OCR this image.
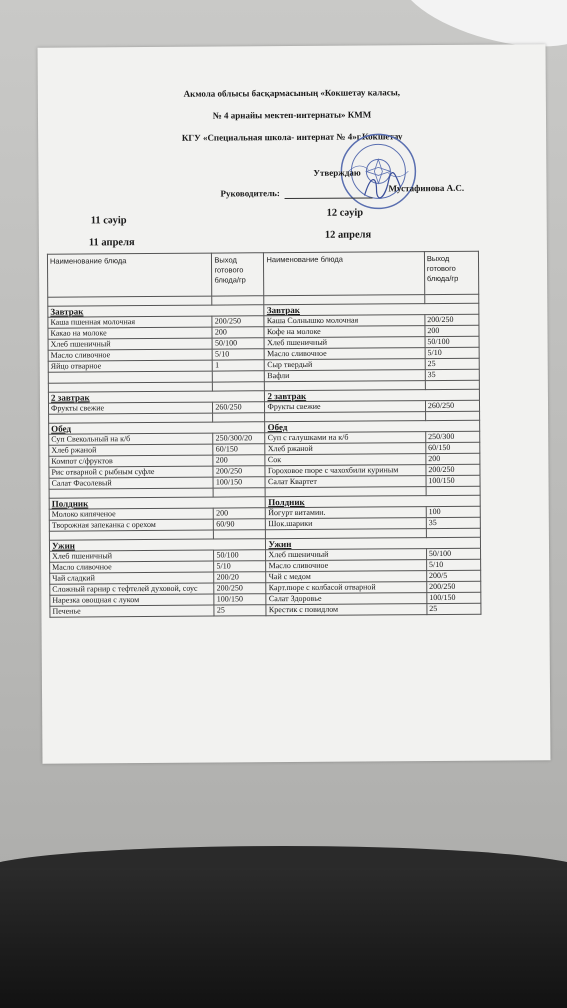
Акмола облысы басқармасының «Кокшетау каласы,
№ 4 арнайы мектеп-интернаты» КММ
КГУ «Специальная школа- интернат № 4»г.Кокшетау
Утверждаю
Руководитель:	Мустафинова А.С.
11 сәуір
12 сәуір
11 апреля
12 апреля
Наименование блюда	Выход готового блюда/гр	Наименование блюда	Выход готового блюда/гр

Завтрак		Завтрак	
Каша пшенная молочная	200/250	Каша Солнышко молочная	200/250
Какао на молоке	200	Кофе на молоке	200
Хлеб пшеничный	50/100	Хлеб пшеничный	50/100
Масло сливочное	5/10	Масло сливочное	5/10
Яйцо отварное	1	Сыр твердый	25
		Вафли	35

2 завтрак		2 завтрак	
Фрукты свежие	260/250	Фрукты свежие	260/250

Обед		Обед	
Суп Свекольный на к/б	250/300/20	Суп с галушками на к/б	250/300
Хлеб ржаной	60/150	Хлеб ржаной	60/150
Компот с/фруктов	200	Сок	200
Рис отварной с рыбным суфле	200/250	Гороховое пюре с чахохбили куриным	200/250
Салат Фасолевый	100/150	Салат Квартет	100/150

Полдник		Полдник	
Молоко кипяченое	200	Йогурт витамин.	100
Творожная запеканка с орехом	60/90	Шок.шарики	35

Ужин		Ужин	
Хлеб пшеничный	50/100	Хлеб пшеничный	50/100
Масло сливочное	5/10	Масло сливочное	5/10
Чай сладкий	200/20	Чай с медом	200/5
Сложный гарнир с тефтелей духовой, соус	200/250	Карт.пюре с колбасой отварной	200/250
Нарезка овощная с луком	100/150	Салат Здоровье	100/150
Печенье	25	Крестик с повидлом	25
